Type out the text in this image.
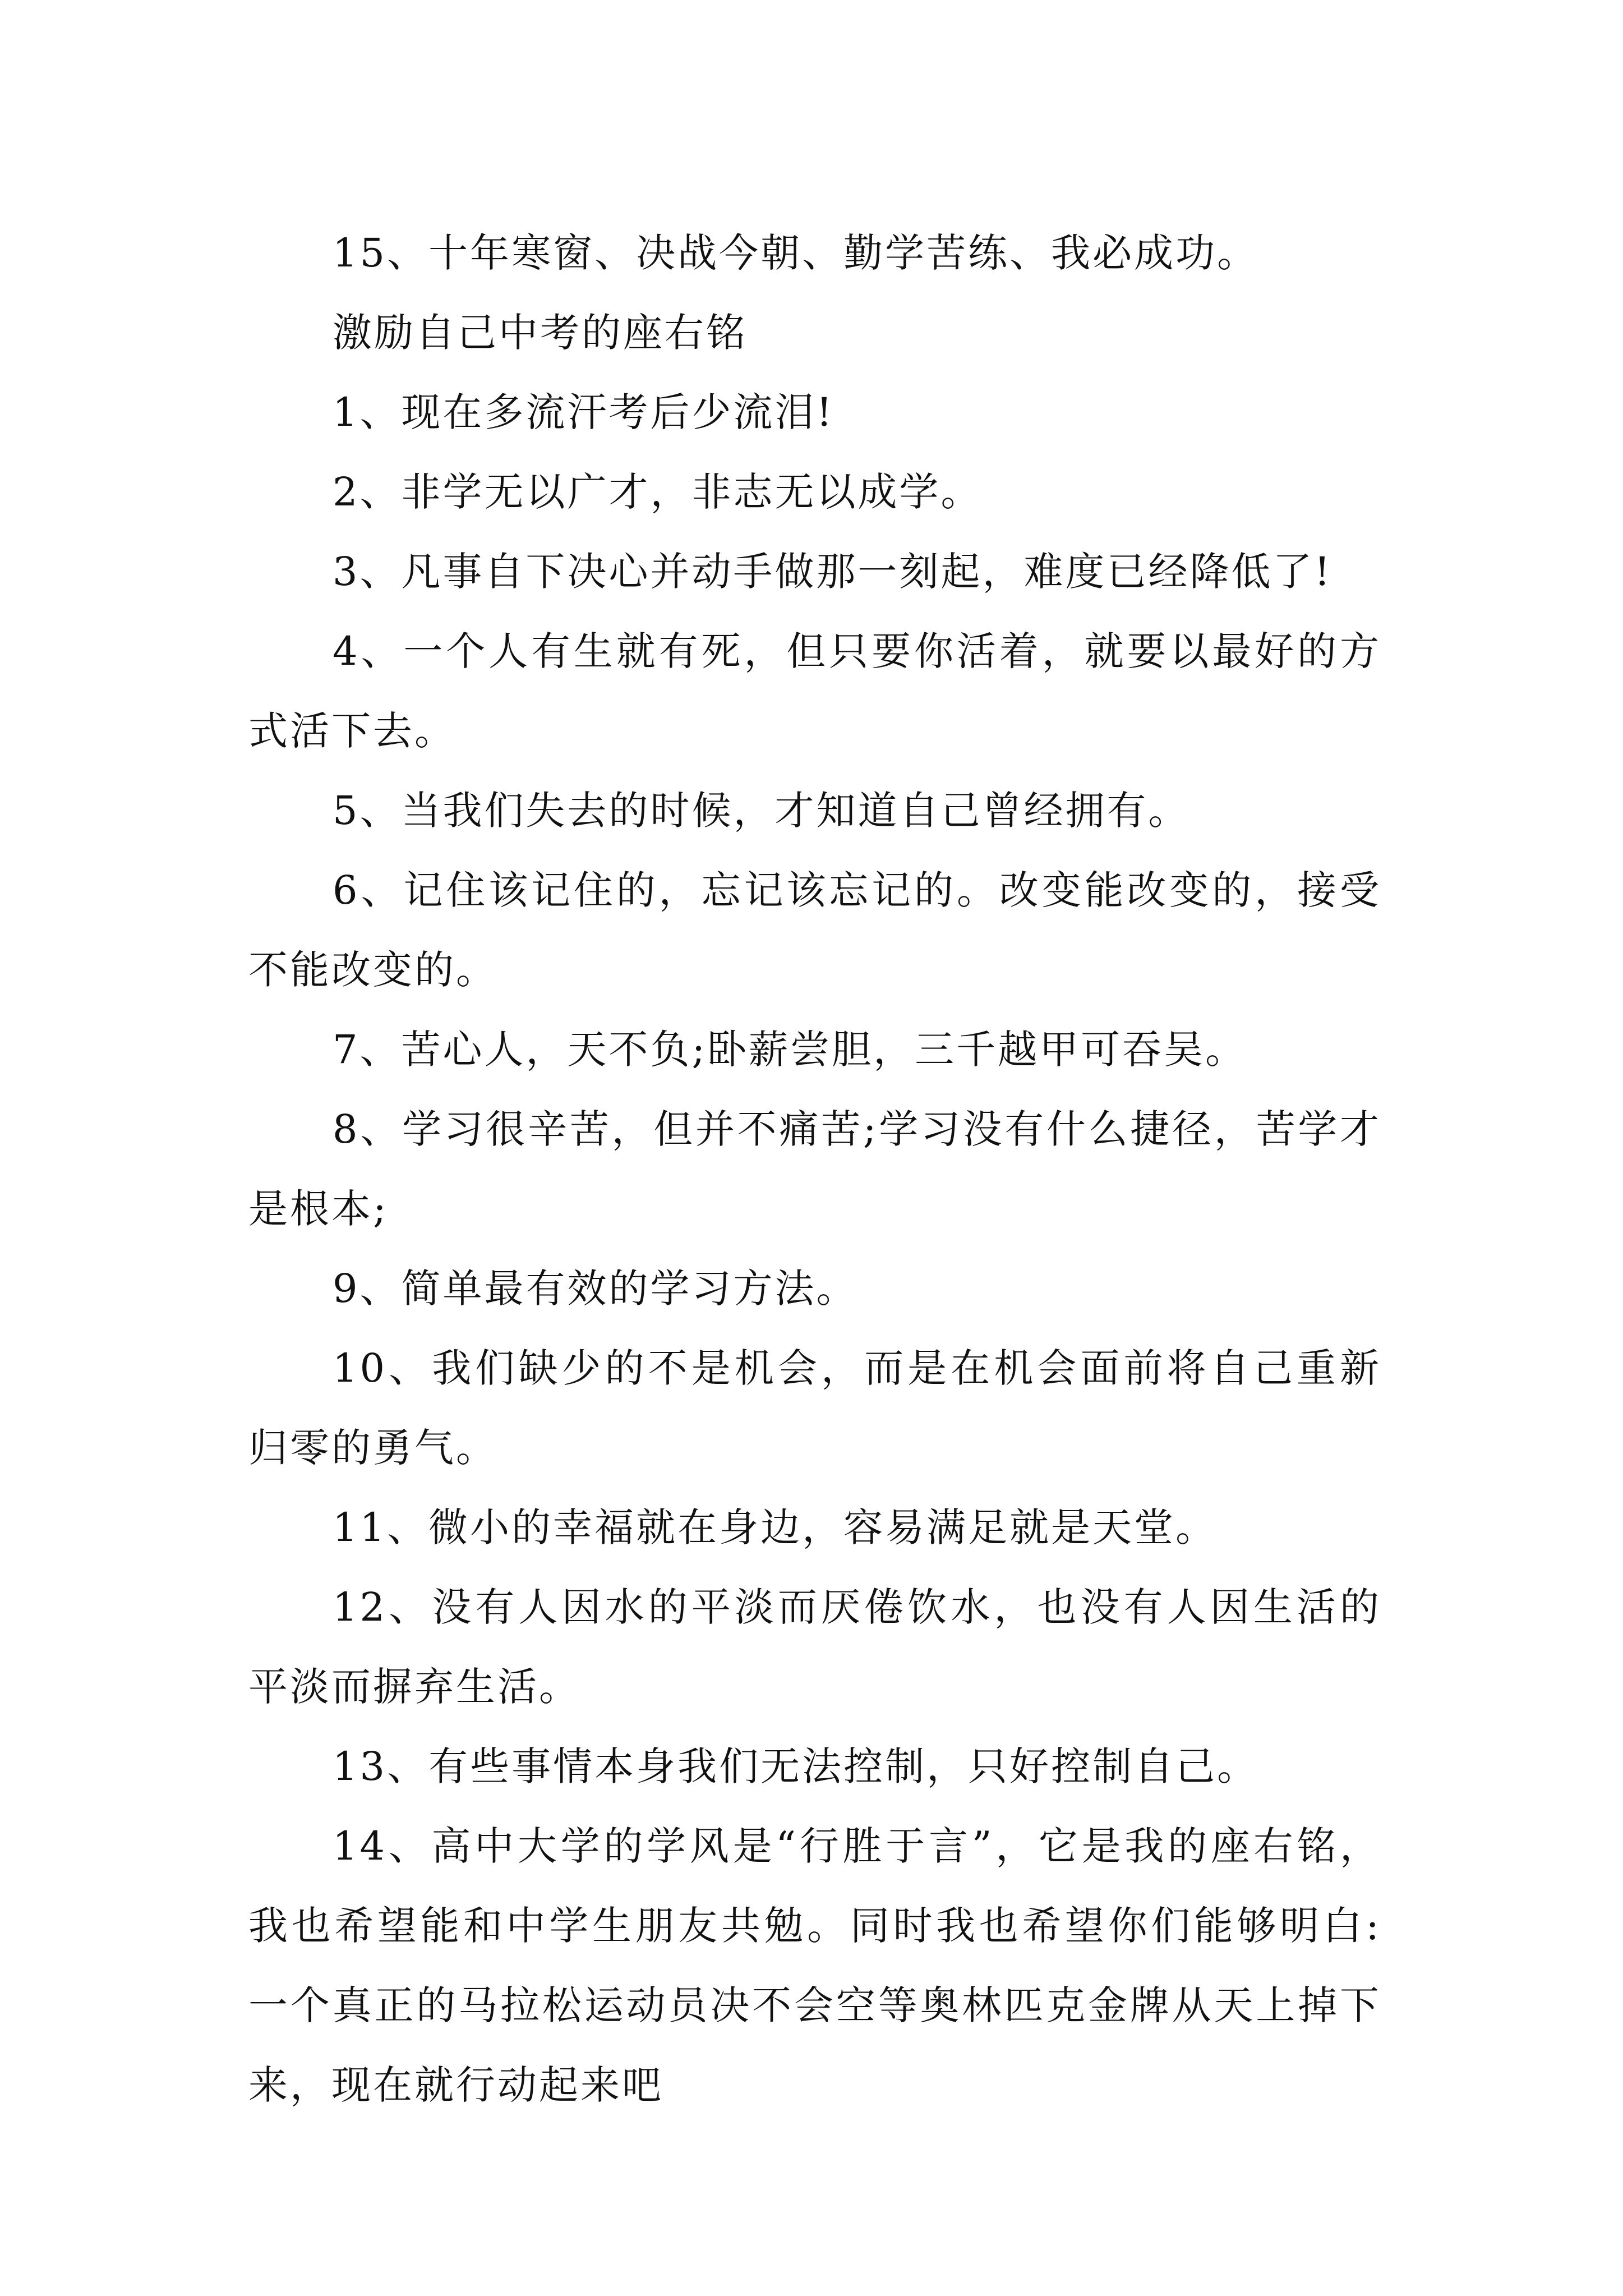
15、十年寒窗、决战今朝、勤学苦练、我必成功。

激励自己中考的座右铭

1、现在多流汗考后少流泪!

2、非学无以广才，非志无以成学。

3、凡事自下决心并动手做那一刻起，难度已经降低了!

4、一个人有生就有死，但只要你活着，就要以最好的方式活下去。

5、当我们失去的时候，才知道自己曾经拥有。

6、记住该记住的，忘记该忘记的。改变能改变的，接受不能改变的。

7、苦心人，天不负;卧薪尝胆，三千越甲可吞吴。

8、学习很辛苦，但并不痛苦;学习没有什么捷径，苦学才是根本;

9、简单最有效的学习方法。

10、我们缺少的不是机会，而是在机会面前将自己重新归零的勇气。

11、微小的幸福就在身边，容易满足就是天堂。

12、没有人因水的平淡而厌倦饮水，也没有人因生活的平淡而摒弃生活。

13、有些事情本身我们无法控制，只好控制自己。

14、高中大学的学风是“行胜于言”，它是我的座右铭，我也希望能和中学生朋友共勉。同时我也希望你们能够明白:一个真正的马拉松运动员决不会空等奥林匹克金牌从天上掉下来，现在就行动起来吧
